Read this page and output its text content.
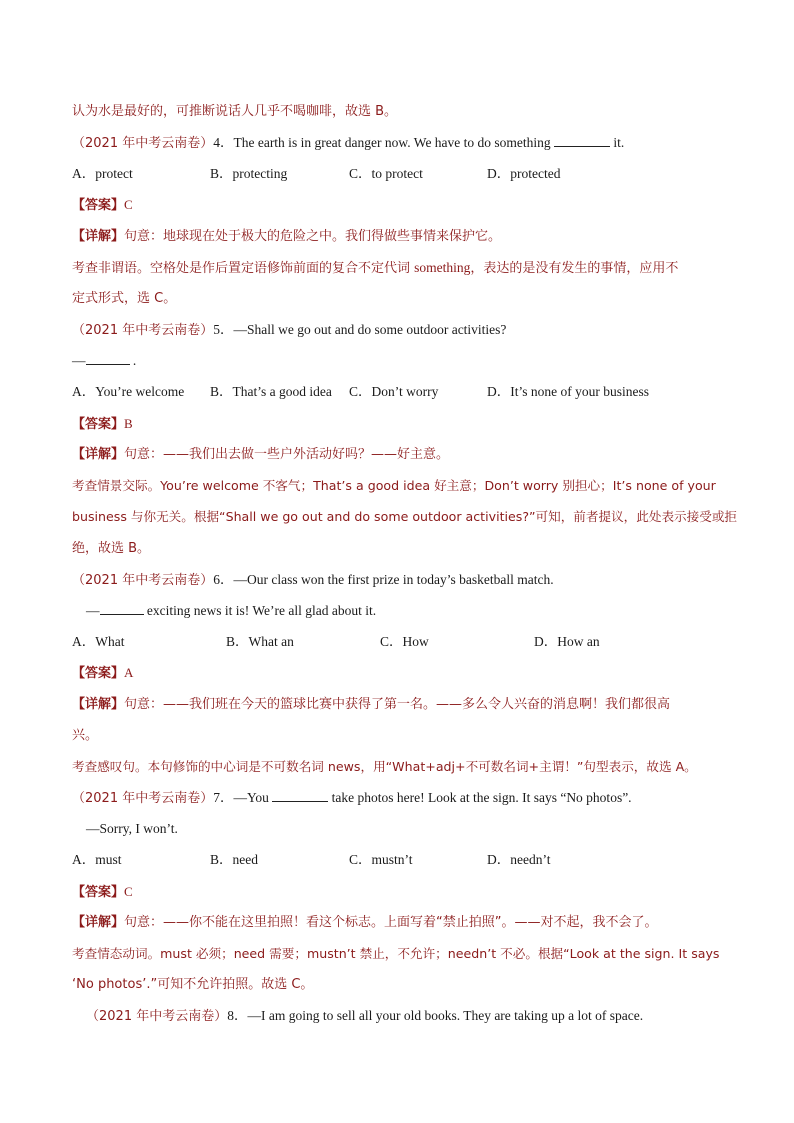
认为水是最好的，可推断说话人几乎不喝咖啡，故选 B。
（2021 年中考云南卷）4．The earth is in great danger now. We have to do something	it.
A．protect	B．protecting	C．to protect	D．protected
【答案】C
【详解】句意：地球现在处于极大的危险之中。我们得做些事情来保护它。
考查非谓语。空格处是作后置定语修饰前面的复合不定代词 something，表达的是没有发生的事情，应用不
定式形式，选 C。
（2021 年中考云南卷）5．—Shall we go out and do some outdoor activities?
—	.
A．You’re welcome B．That’s a good idea C．Don’t worry	D．It’s none of your business
【答案】B
【详解】句意：——我们出去做一些户外活动好吗？——好主意。
考查情景交际。You’re welcome 不客气；That’s a good idea 好主意；Don’t worry 别担心；It’s none of your
business 与你无关。根据“Shall we go out and do some outdoor activities?”可知，前者提议，此处表示接受或拒
绝，故选 B。
（2021 年中考云南卷）6．—Our class won the first prize in today’s basketball match.
—	exciting news it is! We’re all glad about it.
A．What	B．What an	C．How	D．How an
【答案】A
【详解】句意：——我们班在今天的篮球比赛中获得了第一名。——多么令人兴奋的消息啊！我们都很高
兴。
考查感叹句。本句修饰的中心词是不可数名词 news，用“What+adj+不可数名词+主谓！”句型表示，故选 A。
（2021 年中考云南卷）7．—You	take photos here! Look at the sign. It says “No photos”.
—Sorry, I won’t.
A．must	B．need	C．mustn’t	D．needn’t
【答案】C
【详解】句意：——你不能在这里拍照！看这个标志。上面写着“禁止拍照”。——对不起，我不会了。
考查情态动词。must 必须；need 需要；mustn’t 禁止，不允许；needn’t 不必。根据“Look at the sign. It says
‘No photos’.”可知不允许拍照。故选 C。
（2021 年中考云南卷）8．—I am going to sell all your old books. They are taking up a lot of space.
